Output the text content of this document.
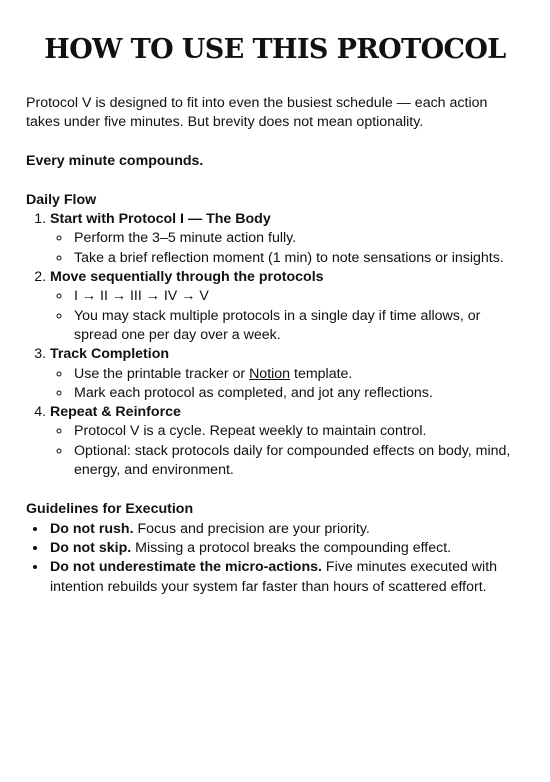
HOW TO USE THIS PROTOCOL

Protocol V is designed to fit into even the busiest schedule — each action takes under five minutes. But brevity does not mean optionality.

Every minute compounds.

Daily Flow
1. Start with Protocol I — The Body
◦ Perform the 3–5 minute action fully.
◦ Take a brief reflection moment (1 min) to note sensations or insights.
2. Move sequentially through the protocols
◦ I → II → III → IV → V
◦ You may stack multiple protocols in a single day if time allows, or spread one per day over a week.
3. Track Completion
◦ Use the printable tracker or Notion template.
◦ Mark each protocol as completed, and jot any reflections.
4. Repeat & Reinforce
◦ Protocol V is a cycle. Repeat weekly to maintain control.
◦ Optional: stack protocols daily for compounded effects on body, mind, energy, and environment.
Guidelines for Execution
• Do not rush. Focus and precision are your priority.
• Do not skip. Missing a protocol breaks the compounding effect.
• Do not underestimate the micro-actions. Five minutes executed with intention rebuilds your system far faster than hours of scattered effort.
